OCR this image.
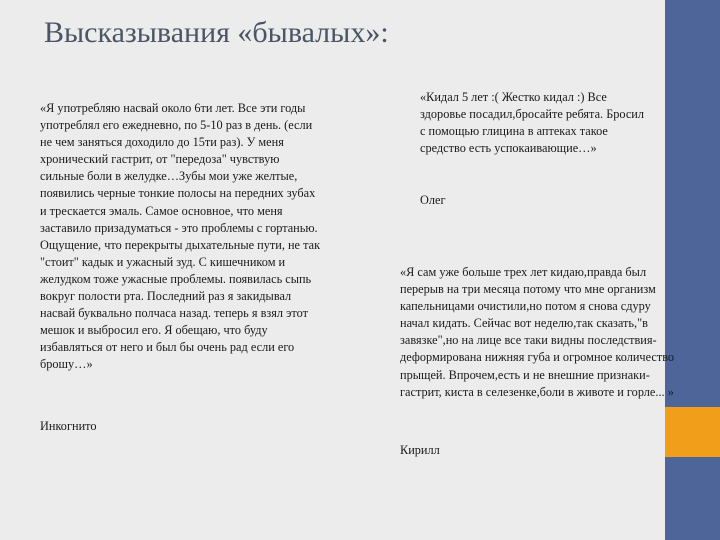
Высказывания «бывалых»:

«Я употребляю насвай около 6ти лет. Все эти годы употреблял его ежедневно, по 5-10 раз в день. (если не чем заняться доходило до 15ти раз). У меня хронический гастрит, от "передоза" чувствую сильные боли в желудке…Зубы мои уже желтые, появились черные тонкие полосы на передних зубах и трескается эмаль. Самое основное, что меня заставило призадуматься - это проблемы с гортанью. Ощущение, что перекрыты дыхательные пути, не так "стоит" кадык и ужасный зуд. С кишечником и желудком тоже ужасные проблемы. появилась сыпь вокруг полости рта. Последний раз я закидывал насвай буквально полчаса назад. теперь я взял этот мешок и выбросил его. Я обещаю, что буду избавляться от него и был бы очень рад если его брошу…»

Инкогнито

«Кидал 5 лет :( Жестко кидал :) Все здоровье посадил,бросайте ребята. Бросил с помощью глицина в аптеках такое средство есть успокаивающие…»

Олег

«Я сам уже больше трех лет кидаю,правда был перерыв на три месяца потому что мне организм капельницами очистили,но потом я снова сдуру начал кидать. Сейчас вот неделю,так сказать,"в завязке",но на лице все таки видны последствия-деформирована нижняя губа и огромное количество прыщей. Впрочем,есть и не внешние признаки- гастрит, киста в селезенке,боли в животе и горле... »

Кирилл
